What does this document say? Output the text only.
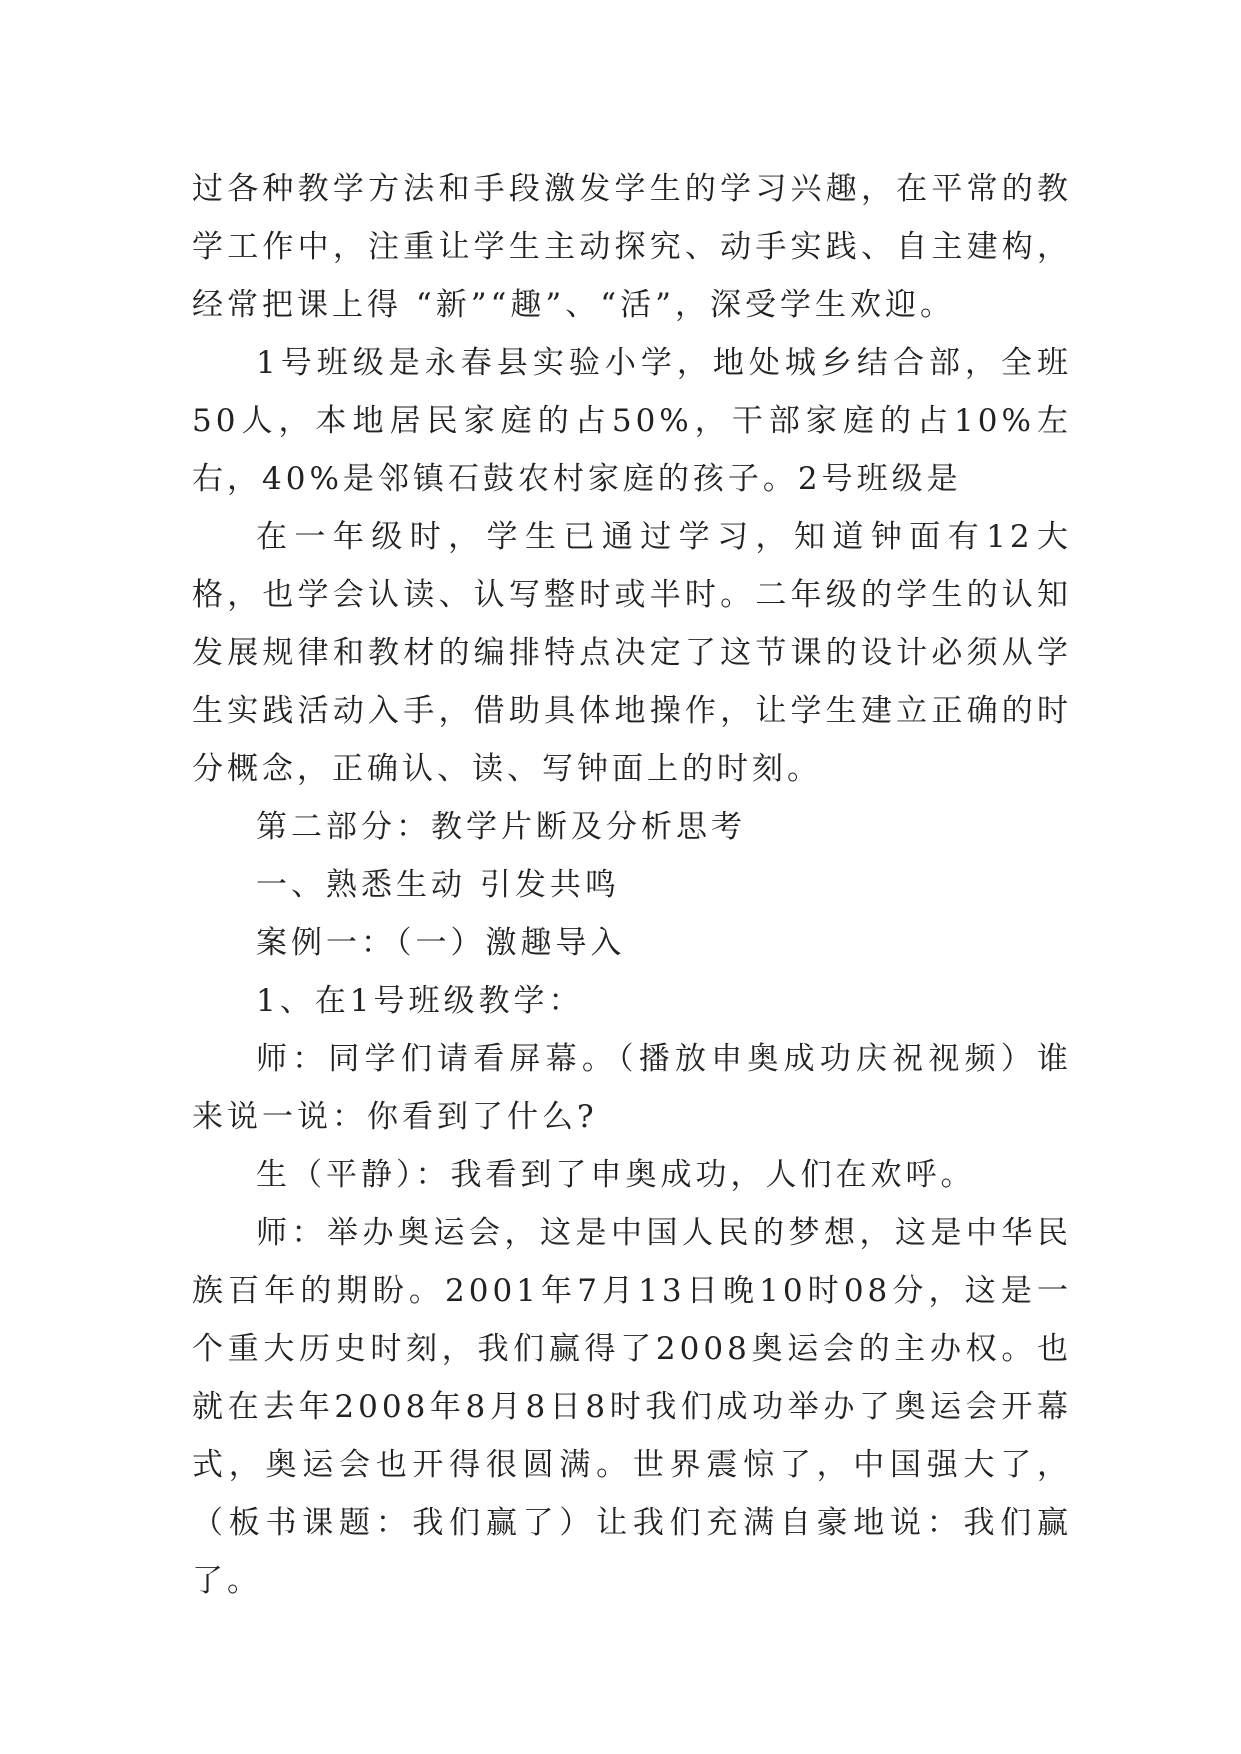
过各种教学方法和手段激发学生的学习兴趣，在平常的教学工作中，注重让学生主动探究、动手实践、自主建构，经常把课上得 “新”“趣”、“活”，深受学生欢迎。

1号班级是永春县实验小学，地处城乡结合部，全班50人，本地居民家庭的占50%，干部家庭的占10%左右，40%是邻镇石鼓农村家庭的孩子。2号班级是

在一年级时，学生已通过学习，知道钟面有12大格，也学会认读、认写整时或半时。二年级的学生的认知发展规律和教材的编排特点决定了这节课的设计必须从学生实践活动入手，借助具体地操作，让学生建立正确的时分概念，正确认、读、写钟面上的时刻。

第二部分：教学片断及分析思考

一、熟悉生动 引发共鸣

案例一：（一）激趣导入

1、在1号班级教学：

师：同学们请看屏幕。（播放申奥成功庆祝视频）谁来说一说：你看到了什么?

生（平静）：我看到了申奥成功，人们在欢呼。

师：举办奥运会，这是中国人民的梦想，这是中华民族百年的期盼。2001年7月13日晚10时08分，这是一个重大历史时刻，我们赢得了2008奥运会的主办权。也就在去年2008年8月8日8时我们成功举办了奥运会开幕式，奥运会也开得很圆满。世界震惊了，中国强大了，（板书课题：我们赢了）让我们充满自豪地说：我们赢了。
